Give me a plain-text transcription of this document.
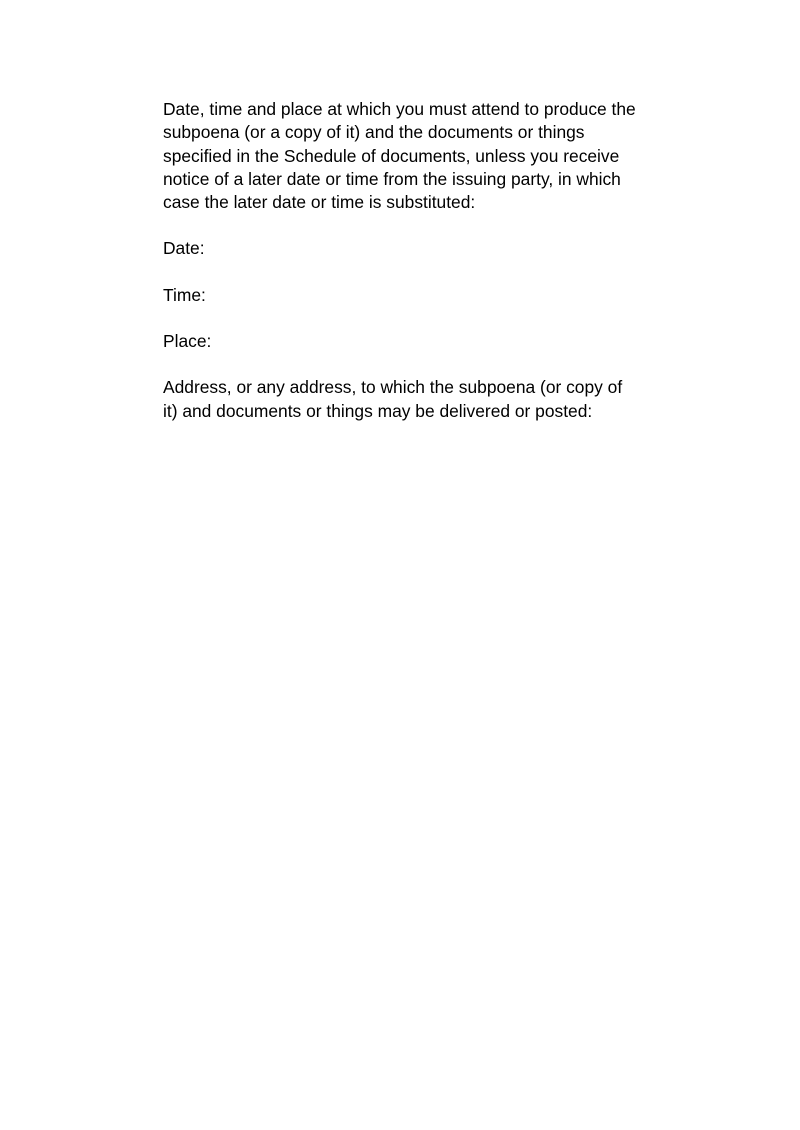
Date, time and place at which you must attend to produce the
subpoena (or a copy of it) and the documents or things
specified in the Schedule of documents, unless you receive
notice of a later date or time from the issuing party, in which
case the later date or time is substituted:

Date:

Time:

Place:

Address, or any address, to which the subpoena (or copy of
it) and documents or things may be delivered or posted:
